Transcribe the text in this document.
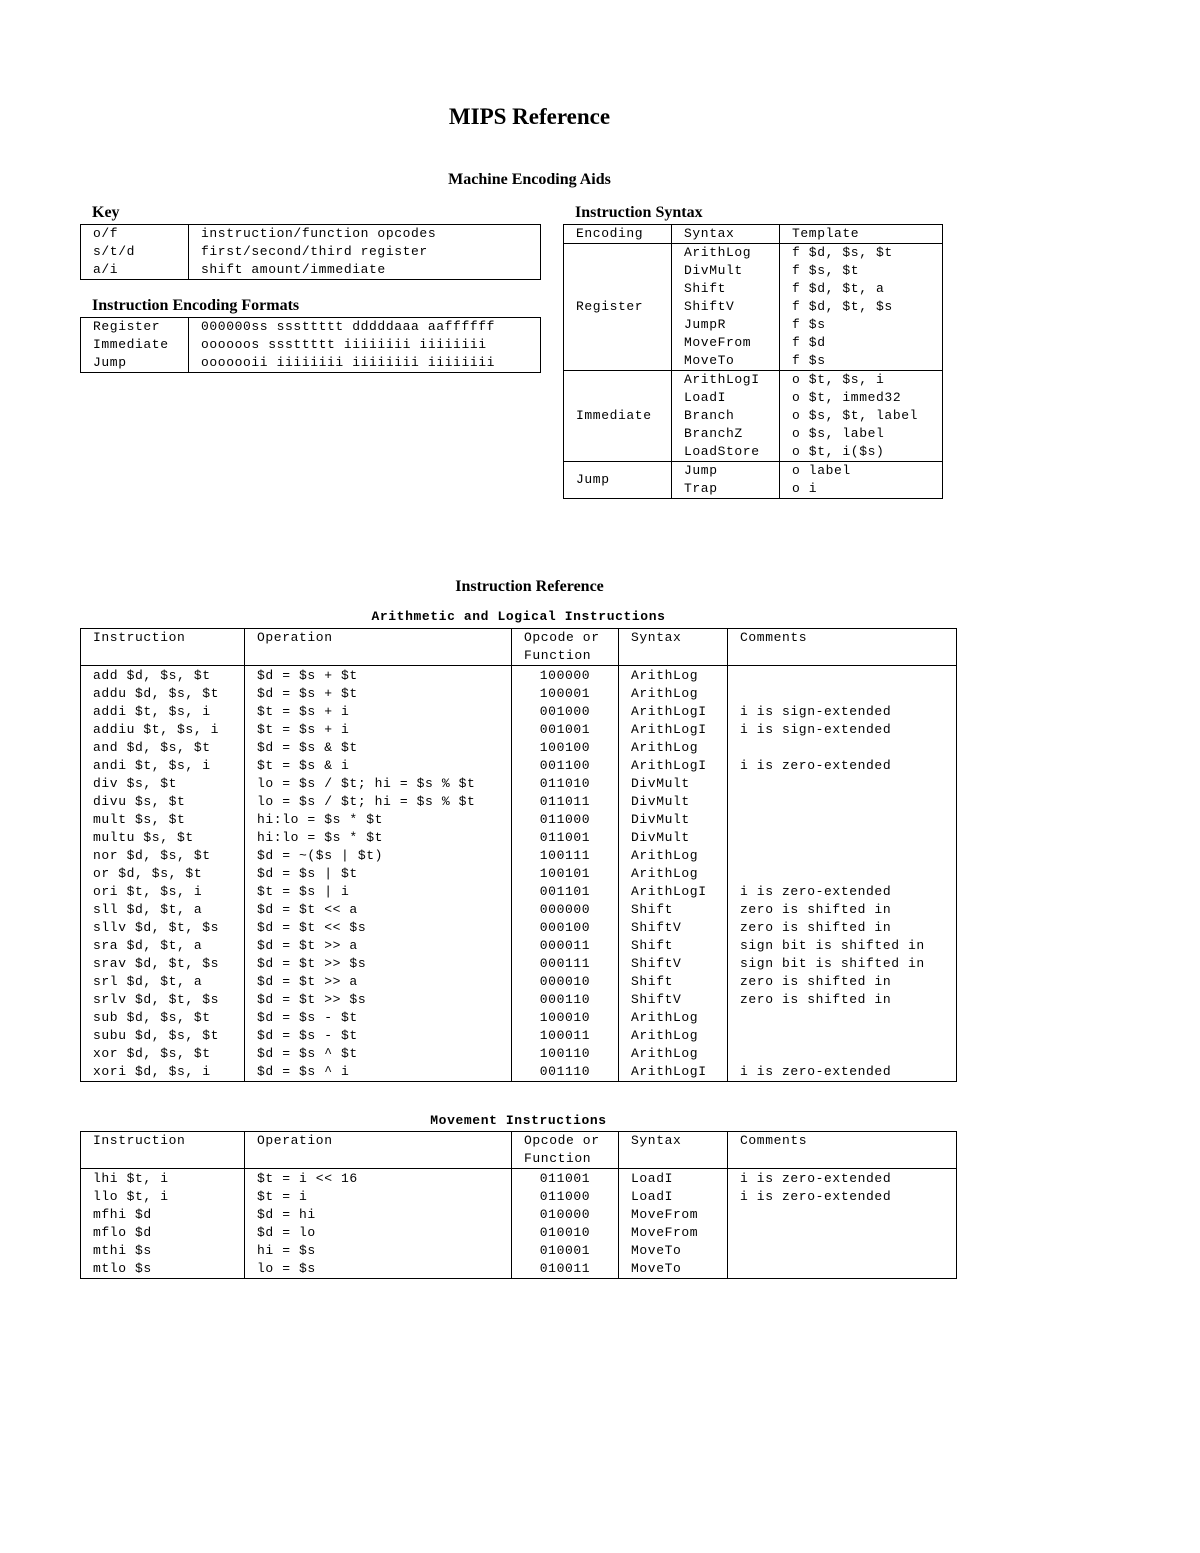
MIPS Reference
Machine Encoding Aids
Key
o/f	instruction/function opcodes
s/t/d	first/second/third register
a/i	shift amount/immediate
Instruction Encoding Formats
Register	000000ss sssttttt dddddaaa aaffffff
Immediate	oooooos sssttttt iiiiiiii iiiiiiii
Jump	ooooooii iiiiiiii iiiiiiii iiiiiiii
Instruction Syntax
Encoding	Syntax	Template
Register	ArithLog	f $d, $s, $t
	DivMult	f $s, $t
	Shift	f $d, $t, a
	ShiftV	f $d, $t, $s
	JumpR	f $s
	MoveFrom	f $d
	MoveTo	f $s
Immediate	ArithLogI	o $t, $s, i
	LoadI	o $t, immed32
	Branch	o $s, $t, label
	BranchZ	o $s, label
	LoadStore	o $t, i($s)
Jump	Jump	o label
	Trap	o i
Instruction Reference
Arithmetic and Logical Instructions
Instruction	Operation	Opcode or
Function	Syntax	Comments
add $d, $s, $t	$d = $s + $t	100000	ArithLog	
addu $d, $s, $t	$d = $s + $t	100001	ArithLog	
addi $t, $s, i	$t = $s + i	001000	ArithLogI	i is sign-extended
addiu $t, $s, i	$t = $s + i	001001	ArithLogI	i is sign-extended
and $d, $s, $t	$d = $s & $t	100100	ArithLog	
andi $t, $s, i	$t = $s & i	001100	ArithLogI	i is zero-extended
div $s, $t	lo = $s / $t; hi = $s % $t	011010	DivMult	
divu $s, $t	lo = $s / $t; hi = $s % $t	011011	DivMult	
mult $s, $t	hi:lo = $s * $t	011000	DivMult	
multu $s, $t	hi:lo = $s * $t	011001	DivMult	
nor $d, $s, $t	$d = ~($s | $t)	100111	ArithLog	
or $d, $s, $t	$d = $s | $t	100101	ArithLog	
ori $t, $s, i	$t = $s | i	001101	ArithLogI	i is zero-extended
sll $d, $t, a	$d = $t << a	000000	Shift	zero is shifted in
sllv $d, $t, $s	$d = $t << $s	000100	ShiftV	zero is shifted in
sra $d, $t, a	$d = $t >> a	000011	Shift	sign bit is shifted in
srav $d, $t, $s	$d = $t >> $s	000111	ShiftV	sign bit is shifted in
srl $d, $t, a	$d = $t >> a	000010	Shift	zero is shifted in
srlv $d, $t, $s	$d = $t >> $s	000110	ShiftV	zero is shifted in
sub $d, $s, $t	$d = $s - $t	100010	ArithLog	
subu $d, $s, $t	$d = $s - $t	100011	ArithLog	
xor $d, $s, $t	$d = $s ^ $t	100110	ArithLog	
xori $d, $s, i	$d = $s ^ i	001110	ArithLogI	i is zero-extended
Movement Instructions
Instruction	Operation	Opcode or
Function	Syntax	Comments
lhi $t, i	$t = i << 16	011001	LoadI	i is zero-extended
llo $t, i	$t = i	011000	LoadI	i is zero-extended
mfhi $d	$d = hi	010000	MoveFrom	
mflo $d	$d = lo	010010	MoveFrom	
mthi $s	hi = $s	010001	MoveTo	
mtlo $s	lo = $s	010011	MoveTo	
